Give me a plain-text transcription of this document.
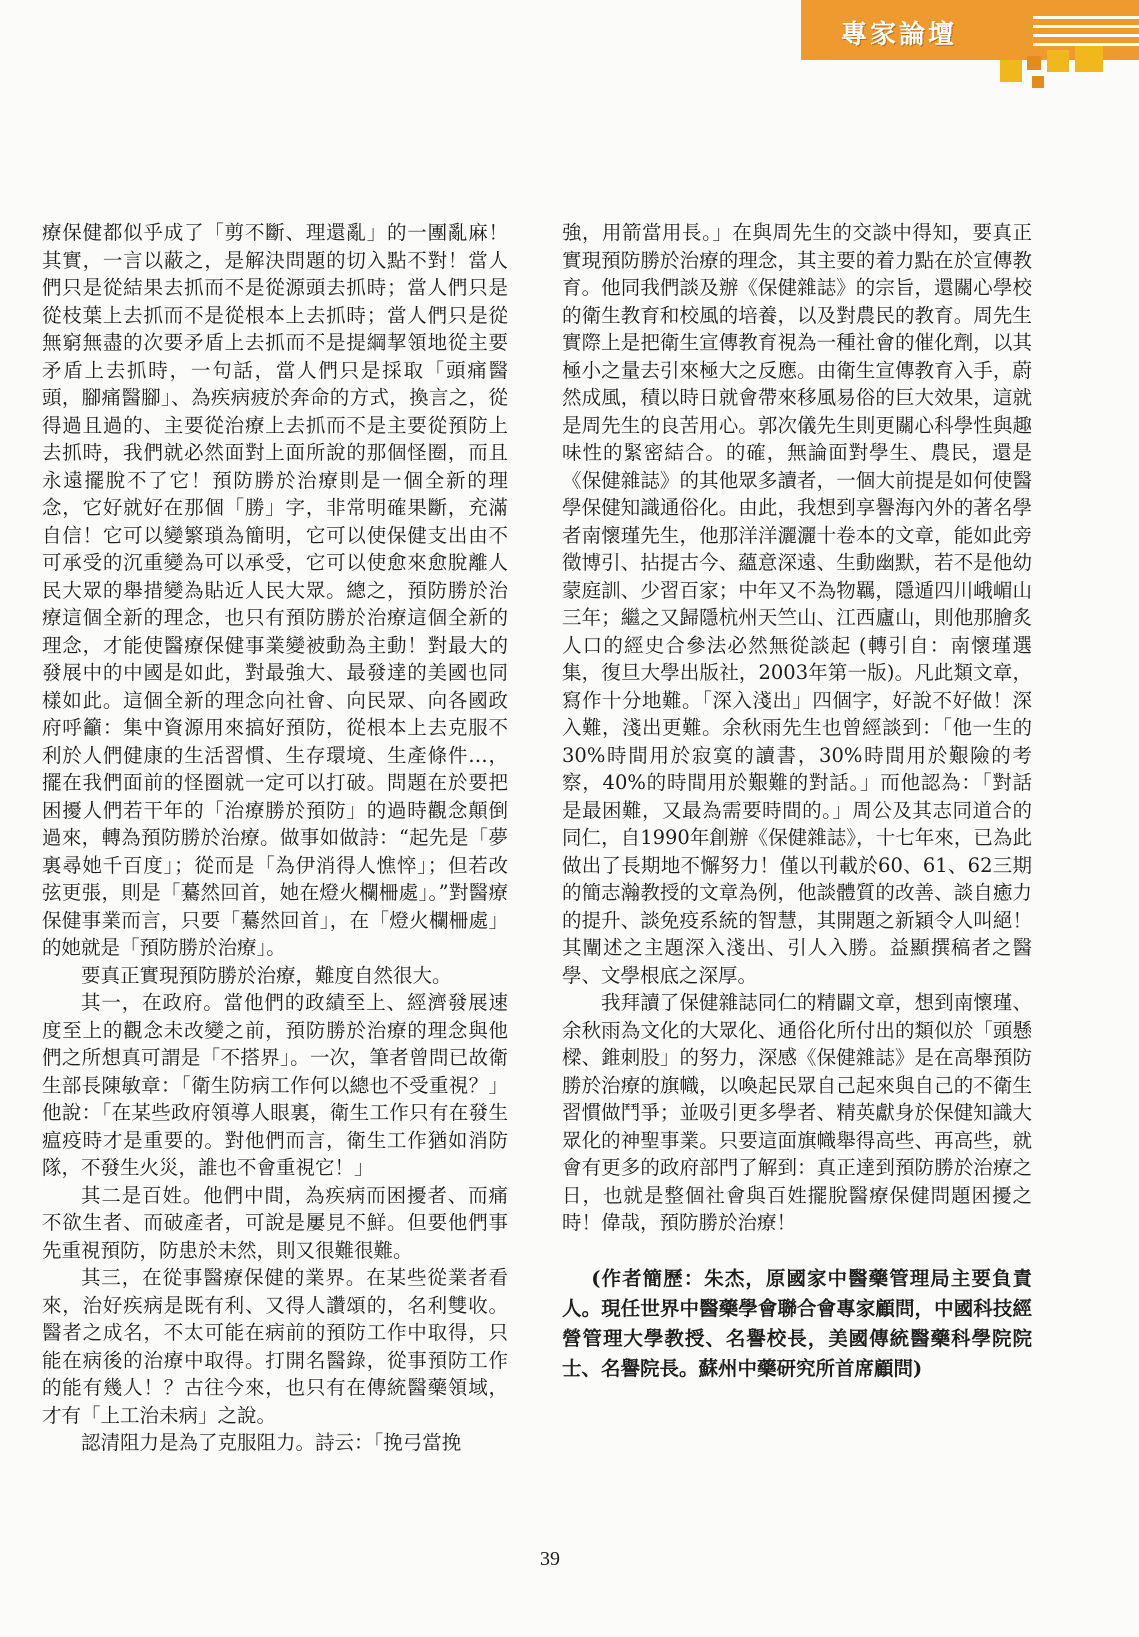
專家論壇

療保健都似乎成了「剪不斷、理還亂」的一團亂麻！其實，一言以蔽之，是解決問題的切入點不對！當人們只是從結果去抓而不是從源頭去抓時；當人們只是從枝葉上去抓而不是從根本上去抓時；當人們只是從無窮無盡的次要矛盾上去抓而不是提綱挈領地從主要矛盾上去抓時，一句話，當人們只是採取「頭痛醫頭，腳痛醫腳」、為疾病疲於奔命的方式，換言之，從得過且過的、主要從治療上去抓而不是主要從預防上去抓時，我們就必然面對上面所說的那個怪圈，而且永遠擺脫不了它！預防勝於治療則是一個全新的理念，它好就好在那個「勝」字，非常明確果斷，充滿自信！它可以變繁瑣為簡明，它可以使保健支出由不可承受的沉重變為可以承受，它可以使愈來愈脫離人民大眾的舉措變為貼近人民大眾。總之，預防勝於治療這個全新的理念，也只有預防勝於治療這個全新的理念，才能使醫療保健事業變被動為主動！對最大的發展中的中國是如此，對最強大、最發達的美國也同樣如此。這個全新的理念向社會、向民眾、向各國政府呼籲：集中資源用來搞好預防，從根本上去克服不利於人們健康的生活習慣、生存環境、生產條件…，擺在我們面前的怪圈就一定可以打破。問題在於要把困擾人們若干年的「治療勝於預防」的過時觀念顛倒過來，轉為預防勝於治療。做事如做詩：“起先是「夢裏尋她千百度」；從而是「為伊消得人憔悴」；但若改弦更張，則是「驀然回首，她在燈火欄柵處」。”對醫療保健事業而言，只要「驀然回首」，在「燈火欄柵處」的她就是「預防勝於治療」。

要真正實現預防勝於治療，難度自然很大。

其一，在政府。當他們的政績至上、經濟發展速度至上的觀念未改變之前，預防勝於治療的理念與他們之所想真可謂是「不搭界」。一次，筆者曾問已故衛生部長陳敏章：「衛生防病工作何以總也不受重視？」他說：「在某些政府領導人眼裏，衛生工作只有在發生瘟疫時才是重要的。對他們而言，衛生工作猶如消防隊，不發生火災，誰也不會重視它！」

其二是百姓。他們中間，為疾病而困擾者、而痛不欲生者、而破產者，可說是屢見不鮮。但要他們事先重視預防，防患於未然，則又很難很難。

其三，在從事醫療保健的業界。在某些從業者看來，治好疾病是既有利、又得人讚頌的，名利雙收。醫者之成名，不太可能在病前的預防工作中取得，只能在病後的治療中取得。打開名醫錄，從事預防工作的能有幾人！？古往今來，也只有在傳統醫藥領域，才有「上工治未病」之說。

認清阻力是為了克服阻力。詩云：「挽弓當挽

強，用箭當用長。」在與周先生的交談中得知，要真正實現預防勝於治療的理念，其主要的着力點在於宣傳教育。他同我們談及辦《保健雜誌》的宗旨，還關心學校的衛生教育和校風的培養，以及對農民的教育。周先生實際上是把衛生宣傳教育視為一種社會的催化劑，以其極小之量去引來極大之反應。由衛生宣傳教育入手，蔚然成風，積以時日就會帶來移風易俗的巨大效果，這就是周先生的良苦用心。郭次儀先生則更關心科學性與趣味性的緊密結合。的確，無論面對學生、農民，還是《保健雜誌》的其他眾多讀者，一個大前提是如何使醫學保健知識通俗化。由此，我想到享譽海內外的著名學者南懷瑾先生，他那洋洋灑灑十卷本的文章，能如此旁徵博引、拈提古今、蘊意深遠、生動幽默，若不是他幼蒙庭訓、少習百家；中年又不為物羈，隱遁四川峨嵋山三年；繼之又歸隱杭州天竺山、江西廬山，則他那膾炙人口的經史合參法必然無從談起 (轉引自：南懷瑾選集，復旦大學出版社，2003年第一版)。凡此類文章，寫作十分地難。「深入淺出」四個字，好說不好做！深入難，淺出更難。余秋雨先生也曾經談到：「他一生的30%時間用於寂寞的讀書，30%時間用於艱險的考察，40%的時間用於艱難的對話。」而他認為：「對話是最困難，又最為需要時間的。」周公及其志同道合的同仁，自1990年創辦《保健雜誌》，十七年來，已為此做出了長期地不懈努力！僅以刊載於60、61、62三期的簡志瀚教授的文章為例，他談體質的改善、談自癒力的提升、談免疫系統的智慧，其開題之新穎令人叫絕！其闡述之主題深入淺出、引人入勝。益顯撰稿者之醫學、文學根底之深厚。

我拜讀了保健雜誌同仁的精闢文章，想到南懷瑾、余秋雨為文化的大眾化、通俗化所付出的類似於「頭懸樑、錐刺股」的努力，深感《保健雜誌》是在高舉預防勝於治療的旗幟，以喚起民眾自己起來與自己的不衛生習慣做鬥爭；並吸引更多學者、精英獻身於保健知識大眾化的神聖事業。只要這面旗幟舉得高些、再高些，就會有更多的政府部門了解到：真正達到預防勝於治療之日，也就是整個社會與百姓擺脫醫療保健問題困擾之時！偉哉，預防勝於治療！

(作者簡歷：朱杰，原國家中醫藥管理局主要負責人。現任世界中醫藥學會聯合會專家顧問，中國科技經營管理大學教授、名譽校長，美國傳統醫藥科學院院士、名譽院長。蘇州中藥研究所首席顧問)

39
